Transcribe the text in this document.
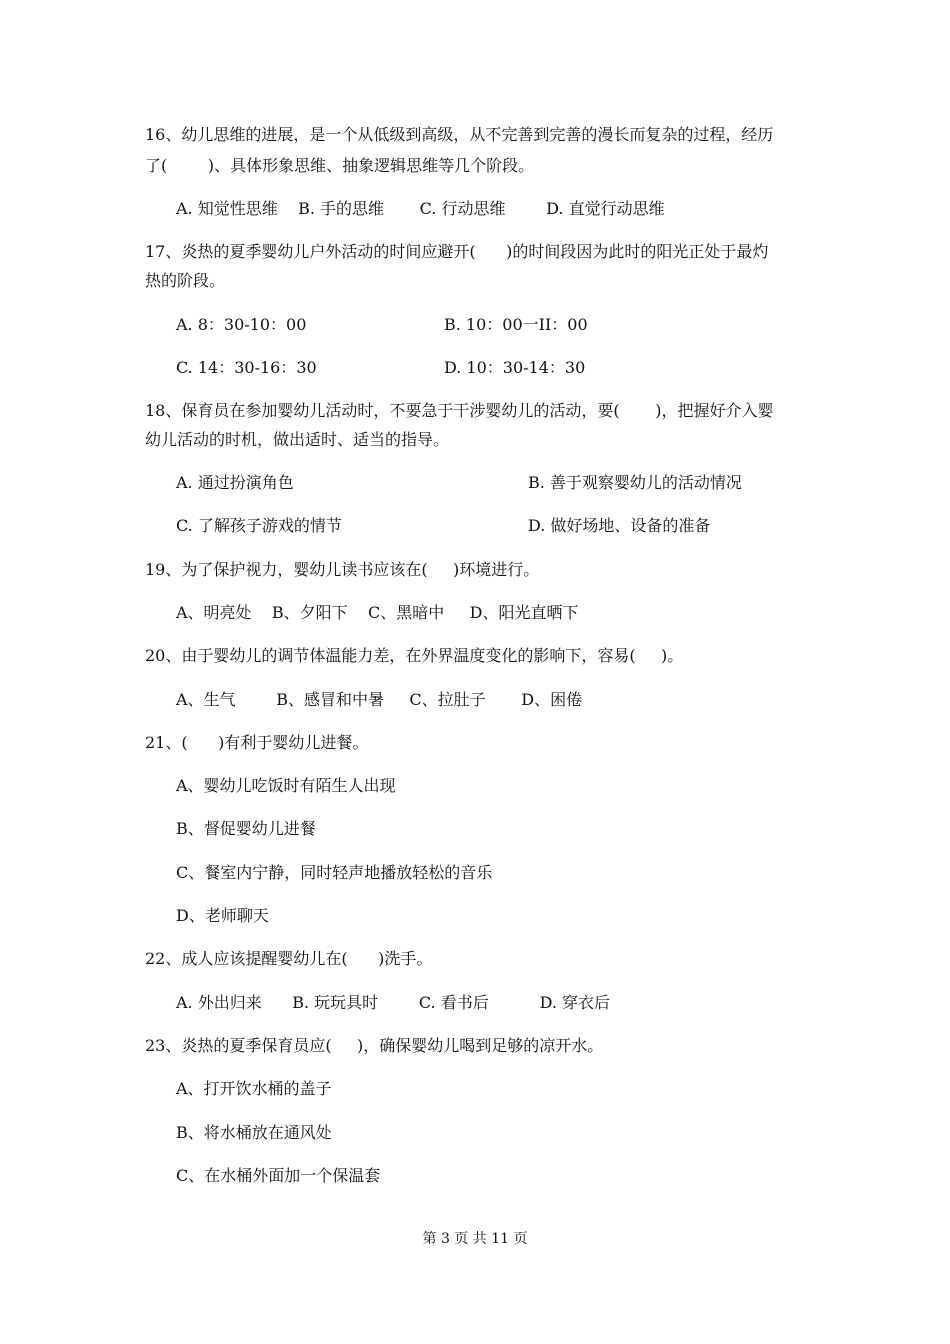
16、幼儿思维的进展，是一个从低级到高级，从不完善到完善的漫长而复杂的过程，经历
了(        )、具体形象思维、抽象逻辑思维等几个阶段。
A. 知觉性思维    B. 手的思维       C. 行动思维        D. 直觉行动思维
17、炎热的夏季婴幼儿户外活动的时间应避开(      )的时间段因为此时的阳光正处于最灼
热的阶段。
A. 8：30-10：00	B. 10：00一II：00
C. 14：30-16：30	D. 10：30-14：30
18、保育员在参加婴幼儿活动时，不要急于干涉婴幼儿的活动，要(       )，把握好介入婴
幼儿活动的时机，做出适时、适当的指导。
A. 通过扮演角色	B. 善于观察婴幼儿的活动情况
C. 了解孩子游戏的情节	D. 做好场地、设备的准备
19、为了保护视力，婴幼儿读书应该在(     )环境进行。
A、明亮处    B、夕阳下    C、黑暗中     D、阳光直晒下
20、由于婴幼儿的调节体温能力差，在外界温度变化的影响下，容易(     )。
A、生气        B、感冒和中暑     C、拉肚子       D、困倦
21、(      )有利于婴幼儿进餐。
A、婴幼儿吃饭时有陌生人出现
B、督促婴幼儿进餐
C、餐室内宁静，同时轻声地播放轻松的音乐
D、老师聊天
22、成人应该提醒婴幼儿在(      )洗手。
A. 外出归来      B. 玩玩具时        C. 看书后          D. 穿衣后
23、炎热的夏季保育员应(     )，确保婴幼儿喝到足够的凉开水。
A、打开饮水桶的盖子
B、将水桶放在通风处
C、在水桶外面加一个保温套
第 3 页 共 11 页
